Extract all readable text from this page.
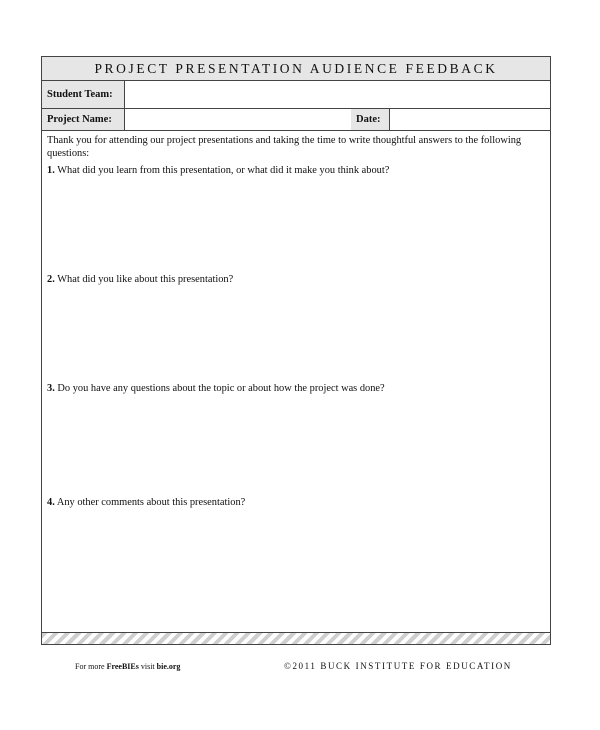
PROJECT PRESENTATION AUDIENCE FEEDBACK
Student Team:
Project Name:	Date:
Thank you for attending our project presentations and taking the time to write thoughtful answers to the following questions:
1. What did you learn from this presentation, or what did it make you think about?
2. What did you like about this presentation?
3. Do you have any questions about the topic or about how the project was done?
4. Any other comments about this presentation?
For more FreeBIEs visit bie.org	©2011 BUCK INSTITUTE FOR EDUCATION
